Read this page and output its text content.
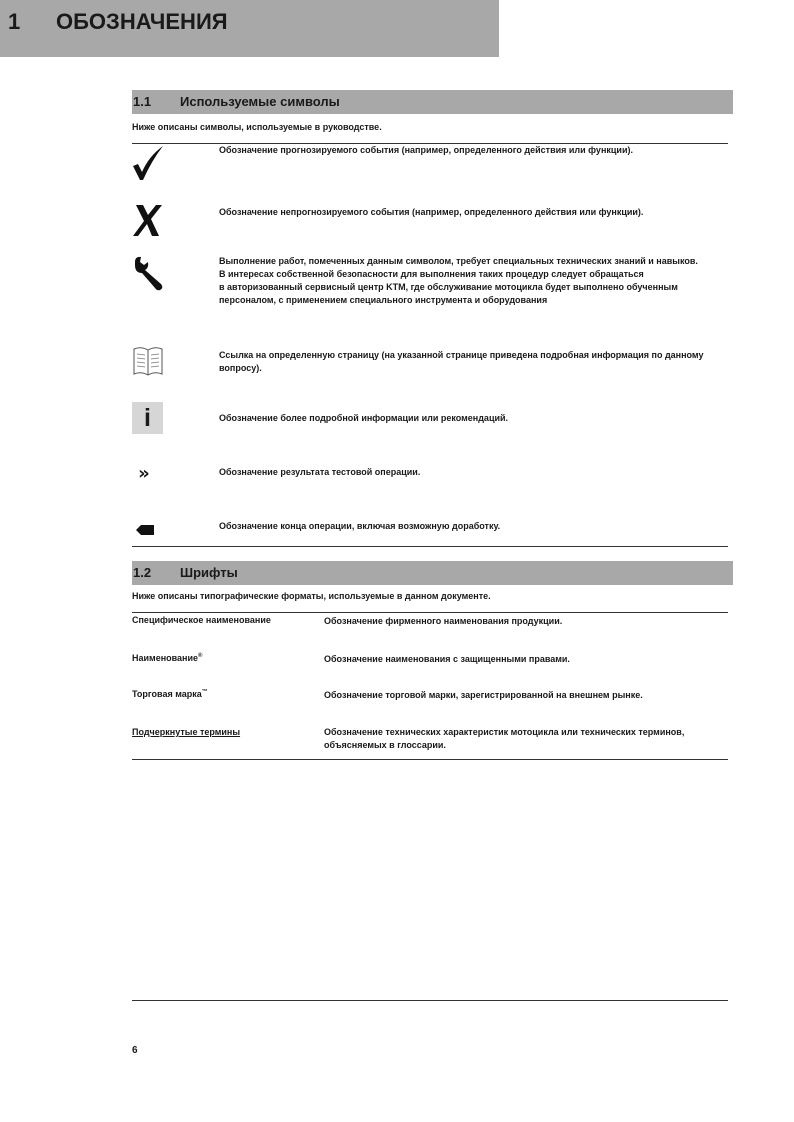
1 ОБОЗНАЧЕНИЯ
1.1 Используемые символы
Ниже описаны символы, используемые в руководстве.
Обозначение прогнозируемого события (например, определенного действия или функции).
Обозначение непрогнозируемого события (например, определенного действия или функции).
Выполнение работ, помеченных данным символом, требует специальных технических знаний и навыков.
В интересах собственной безопасности для выполнения таких процедур следует обращаться
в авторизованный сервисный центр KTM, где обслуживание мотоцикла будет выполнено обученным
персоналом, с применением специального инструмента и оборудования
Ссылка на определенную страницу (на указанной странице приведена подробная информация по данному вопросу).
i	Обозначение более подробной информации или рекомендаций.
»	Обозначение результата тестовой операции.
Обозначение конца операции, включая возможную доработку.
1.2 Шрифты
Ниже описаны типографические форматы, используемые в данном документе.
Специфическое наименование	Обозначение фирменного наименования продукции.
Наименование®	Обозначение наименования с защищенными правами.
Торговая марка™	Обозначение торговой марки, зарегистрированной на внешнем рынке.
Подчеркнутые термины	Обозначение технических характеристик мотоцикла или технических терминов, объясняемых в глоссарии.
6
